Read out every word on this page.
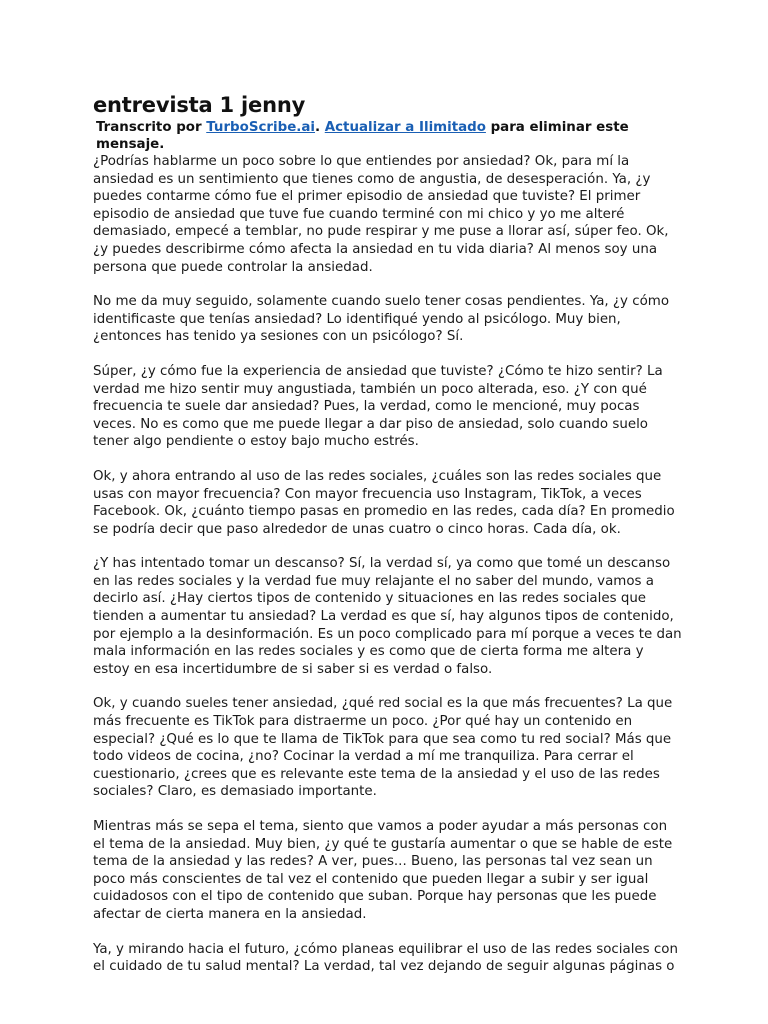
entrevista 1 jenny

Transcrito por TurboScribe.ai. Actualizar a Ilimitado para eliminar este mensaje.

¿Podrías hablarme un poco sobre lo que entiendes por ansiedad? Ok, para mí la ansiedad es un sentimiento que tienes como de angustia, de desesperación. Ya, ¿y puedes contarme cómo fue el primer episodio de ansiedad que tuviste? El primer episodio de ansiedad que tuve fue cuando terminé con mi chico y yo me alteré demasiado, empecé a temblar, no pude respirar y me puse a llorar así, súper feo. Ok, ¿y puedes describirme cómo afecta la ansiedad en tu vida diaria? Al menos soy una persona que puede controlar la ansiedad.

No me da muy seguido, solamente cuando suelo tener cosas pendientes. Ya, ¿y cómo identificaste que tenías ansiedad? Lo identifiqué yendo al psicólogo. Muy bien, ¿entonces has tenido ya sesiones con un psicólogo? Sí.

Súper, ¿y cómo fue la experiencia de ansiedad que tuviste? ¿Cómo te hizo sentir? La verdad me hizo sentir muy angustiada, también un poco alterada, eso. ¿Y con qué frecuencia te suele dar ansiedad? Pues, la verdad, como le mencioné, muy pocas veces. No es como que me puede llegar a dar piso de ansiedad, solo cuando suelo tener algo pendiente o estoy bajo mucho estrés.

Ok, y ahora entrando al uso de las redes sociales, ¿cuáles son las redes sociales que usas con mayor frecuencia? Con mayor frecuencia uso Instagram, TikTok, a veces Facebook. Ok, ¿cuánto tiempo pasas en promedio en las redes, cada día? En promedio se podría decir que paso alrededor de unas cuatro o cinco horas. Cada día, ok.

¿Y has intentado tomar un descanso? Sí, la verdad sí, ya como que tomé un descanso en las redes sociales y la verdad fue muy relajante el no saber del mundo, vamos a decirlo así. ¿Hay ciertos tipos de contenido y situaciones en las redes sociales que tienden a aumentar tu ansiedad? La verdad es que sí, hay algunos tipos de contenido, por ejemplo a la desinformación. Es un poco complicado para mí porque a veces te dan mala información en las redes sociales y es como que de cierta forma me altera y estoy en esa incertidumbre de si saber si es verdad o falso.

Ok, y cuando sueles tener ansiedad, ¿qué red social es la que más frecuentes? La que más frecuente es TikTok para distraerme un poco. ¿Por qué hay un contenido en especial? ¿Qué es lo que te llama de TikTok para que sea como tu red social? Más que todo videos de cocina, ¿no? Cocinar la verdad a mí me tranquiliza. Para cerrar el cuestionario, ¿crees que es relevante este tema de la ansiedad y el uso de las redes sociales? Claro, es demasiado importante.

Mientras más se sepa el tema, siento que vamos a poder ayudar a más personas con el tema de la ansiedad. Muy bien, ¿y qué te gustaría aumentar o que se hable de este tema de la ansiedad y las redes? A ver, pues... Bueno, las personas tal vez sean un poco más conscientes de tal vez el contenido que pueden llegar a subir y ser igual cuidadosos con el tipo de contenido que suban. Porque hay personas que les puede afectar de cierta manera en la ansiedad.

Ya, y mirando hacia el futuro, ¿cómo planeas equilibrar el uso de las redes sociales con el cuidado de tu salud mental? La verdad, tal vez dejando de seguir algunas páginas o
